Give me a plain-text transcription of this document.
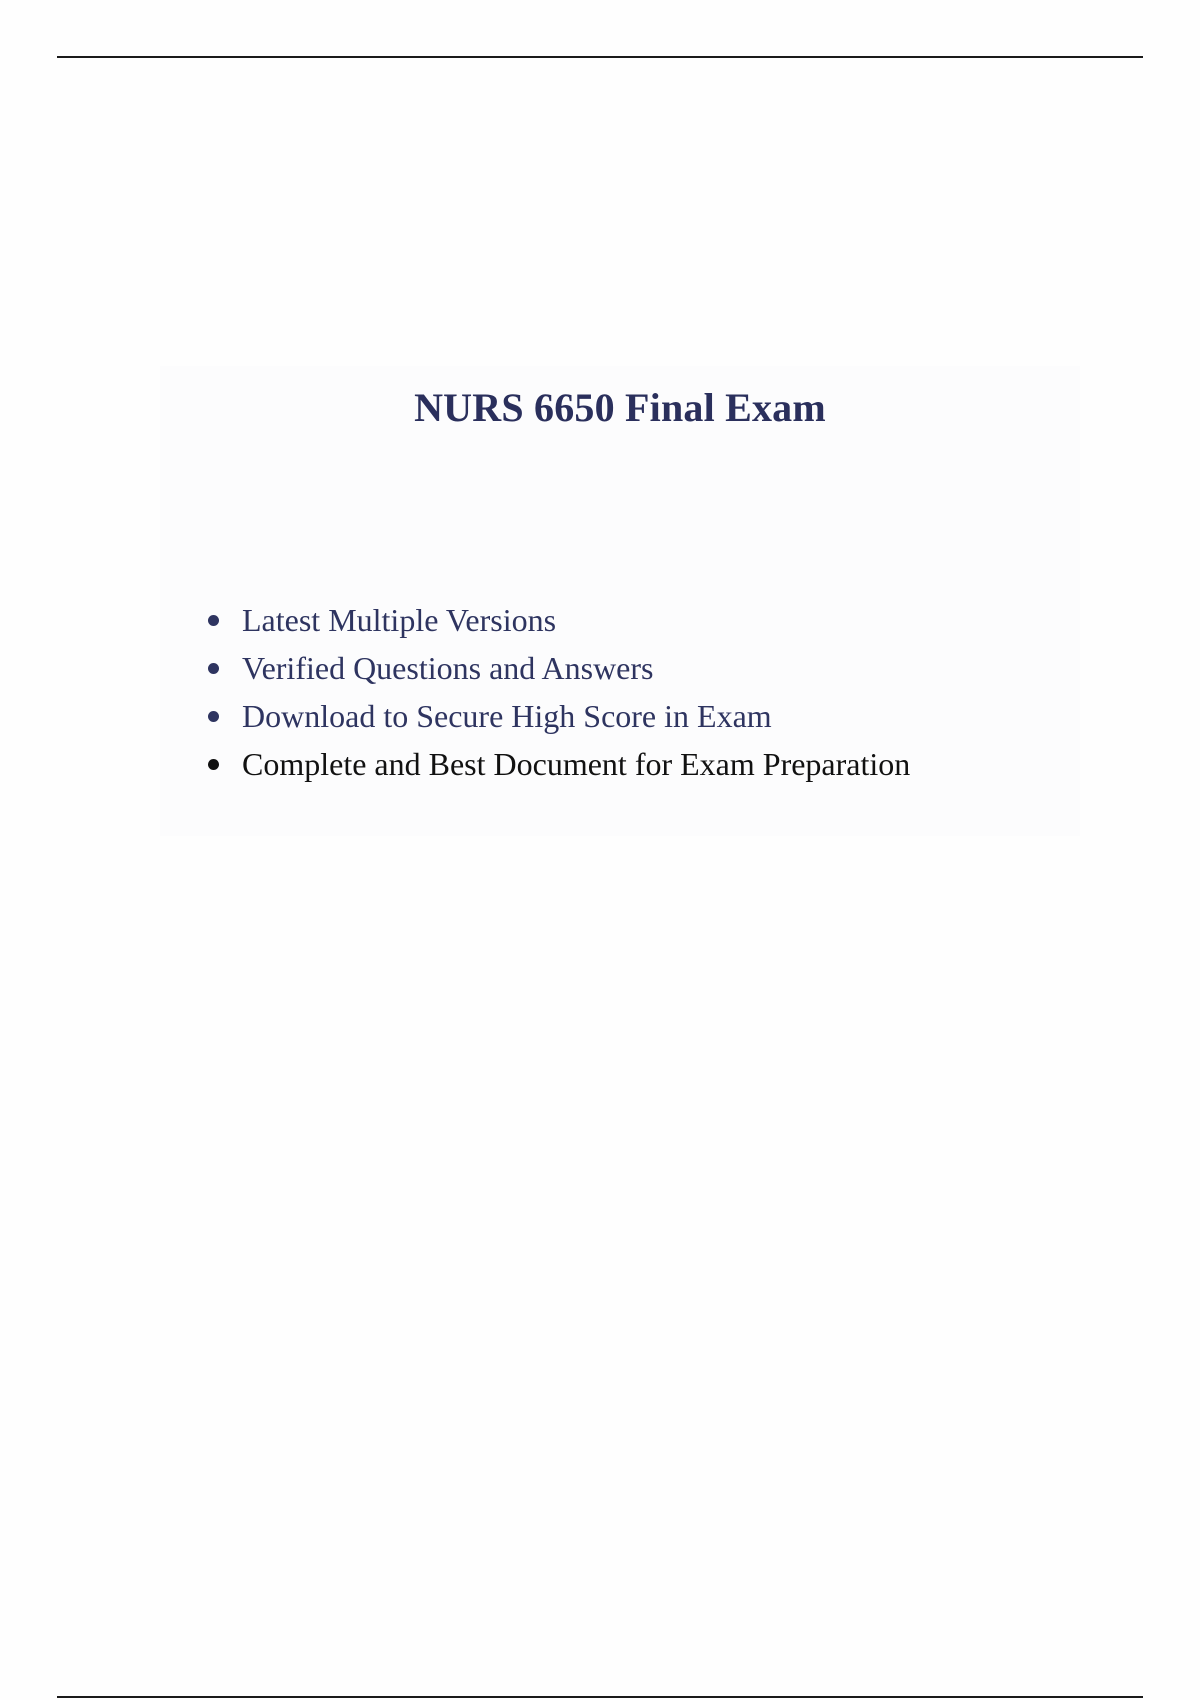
NURS 6650 Final Exam
Latest Multiple Versions
Verified Questions and Answers
Download to Secure High Score in Exam
Complete and Best Document for Exam Preparation
